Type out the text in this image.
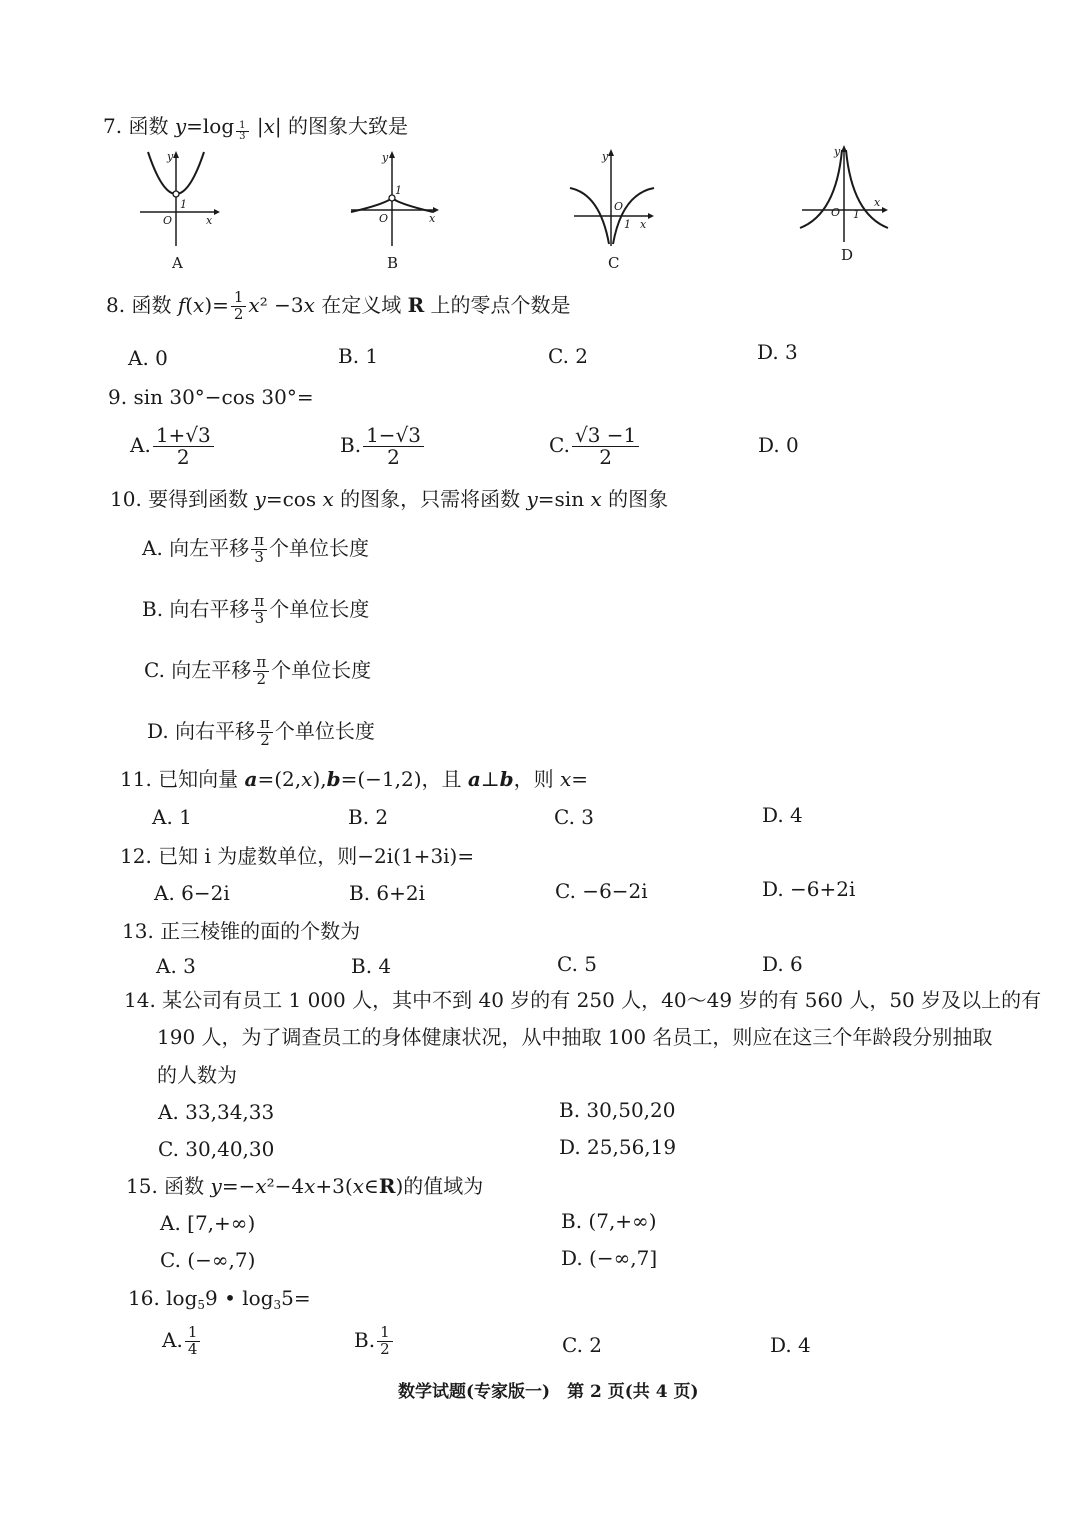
7. 函数 $y=\log \frac{1}{3} |x|$ 的图象大致是
y
x
O
1
A
y
x
O
1
B
y
x
O
1
C
y
x
O 1
D
8. 函数 $f(x)= \frac{1}{2} x^2 -3x$ 在定义域 R 上的零点个数是
A. 0	B. 1	C. 2	D. 3
9. sin 30°−cos 30°=
A. $\frac{1+√3}{2}$	B. $\frac{1-√3}{2}$	C. $\frac{√3 -1}{2}$	D. 0
10. 要得到函数 y=cos x 的图象，只需将函数 y=sin x 的图象
A. 向左平移 $\frac{\pi}{3}$ 个单位长度
B. 向右平移 $\frac{\pi}{3}$ 个单位长度
C. 向左平移 $\frac{\pi}{2}$ 个单位长度
D. 向右平移 $\frac{\pi}{2}$ 个单位长度
11. 已知向量 a=(2,x),b=(−1,2)，且 a⊥b，则 x=
A. 1	B. 2	C. 3	D. 4
12. 已知 i 为虚数单位，则−2i(1+3i)=
A. 6−2i	B. 6+2i	C. −6−2i	D. −6+2i
13. 正三棱锥的面的个数为
A. 3	B. 4	C. 5	D. 6
14. 某公司有员工 1 000 人，其中不到 40 岁的有 250 人，40～49 岁的有 560 人，50 岁及以上的有
190 人，为了调查员工的身体健康状况，从中抽取 100 名员工，则应在这三个年龄段分别抽取
的人数为
A. 33,34,33	B. 30,50,20
C. 30,40,30	D. 25,56,19
15. 函数 y=−x²−4x+3(x∈R)的值域为
A. [7,+∞)	B. (7,+∞)
C. (−∞,7)	D. (−∞,7]
16. $\log_59$ • $\log_35=$
A. $\frac{1}{4}$	B. $\frac{1}{2}$	C. 2	D. 4
数学试题(专家版一)　第 2 页(共 4 页)
